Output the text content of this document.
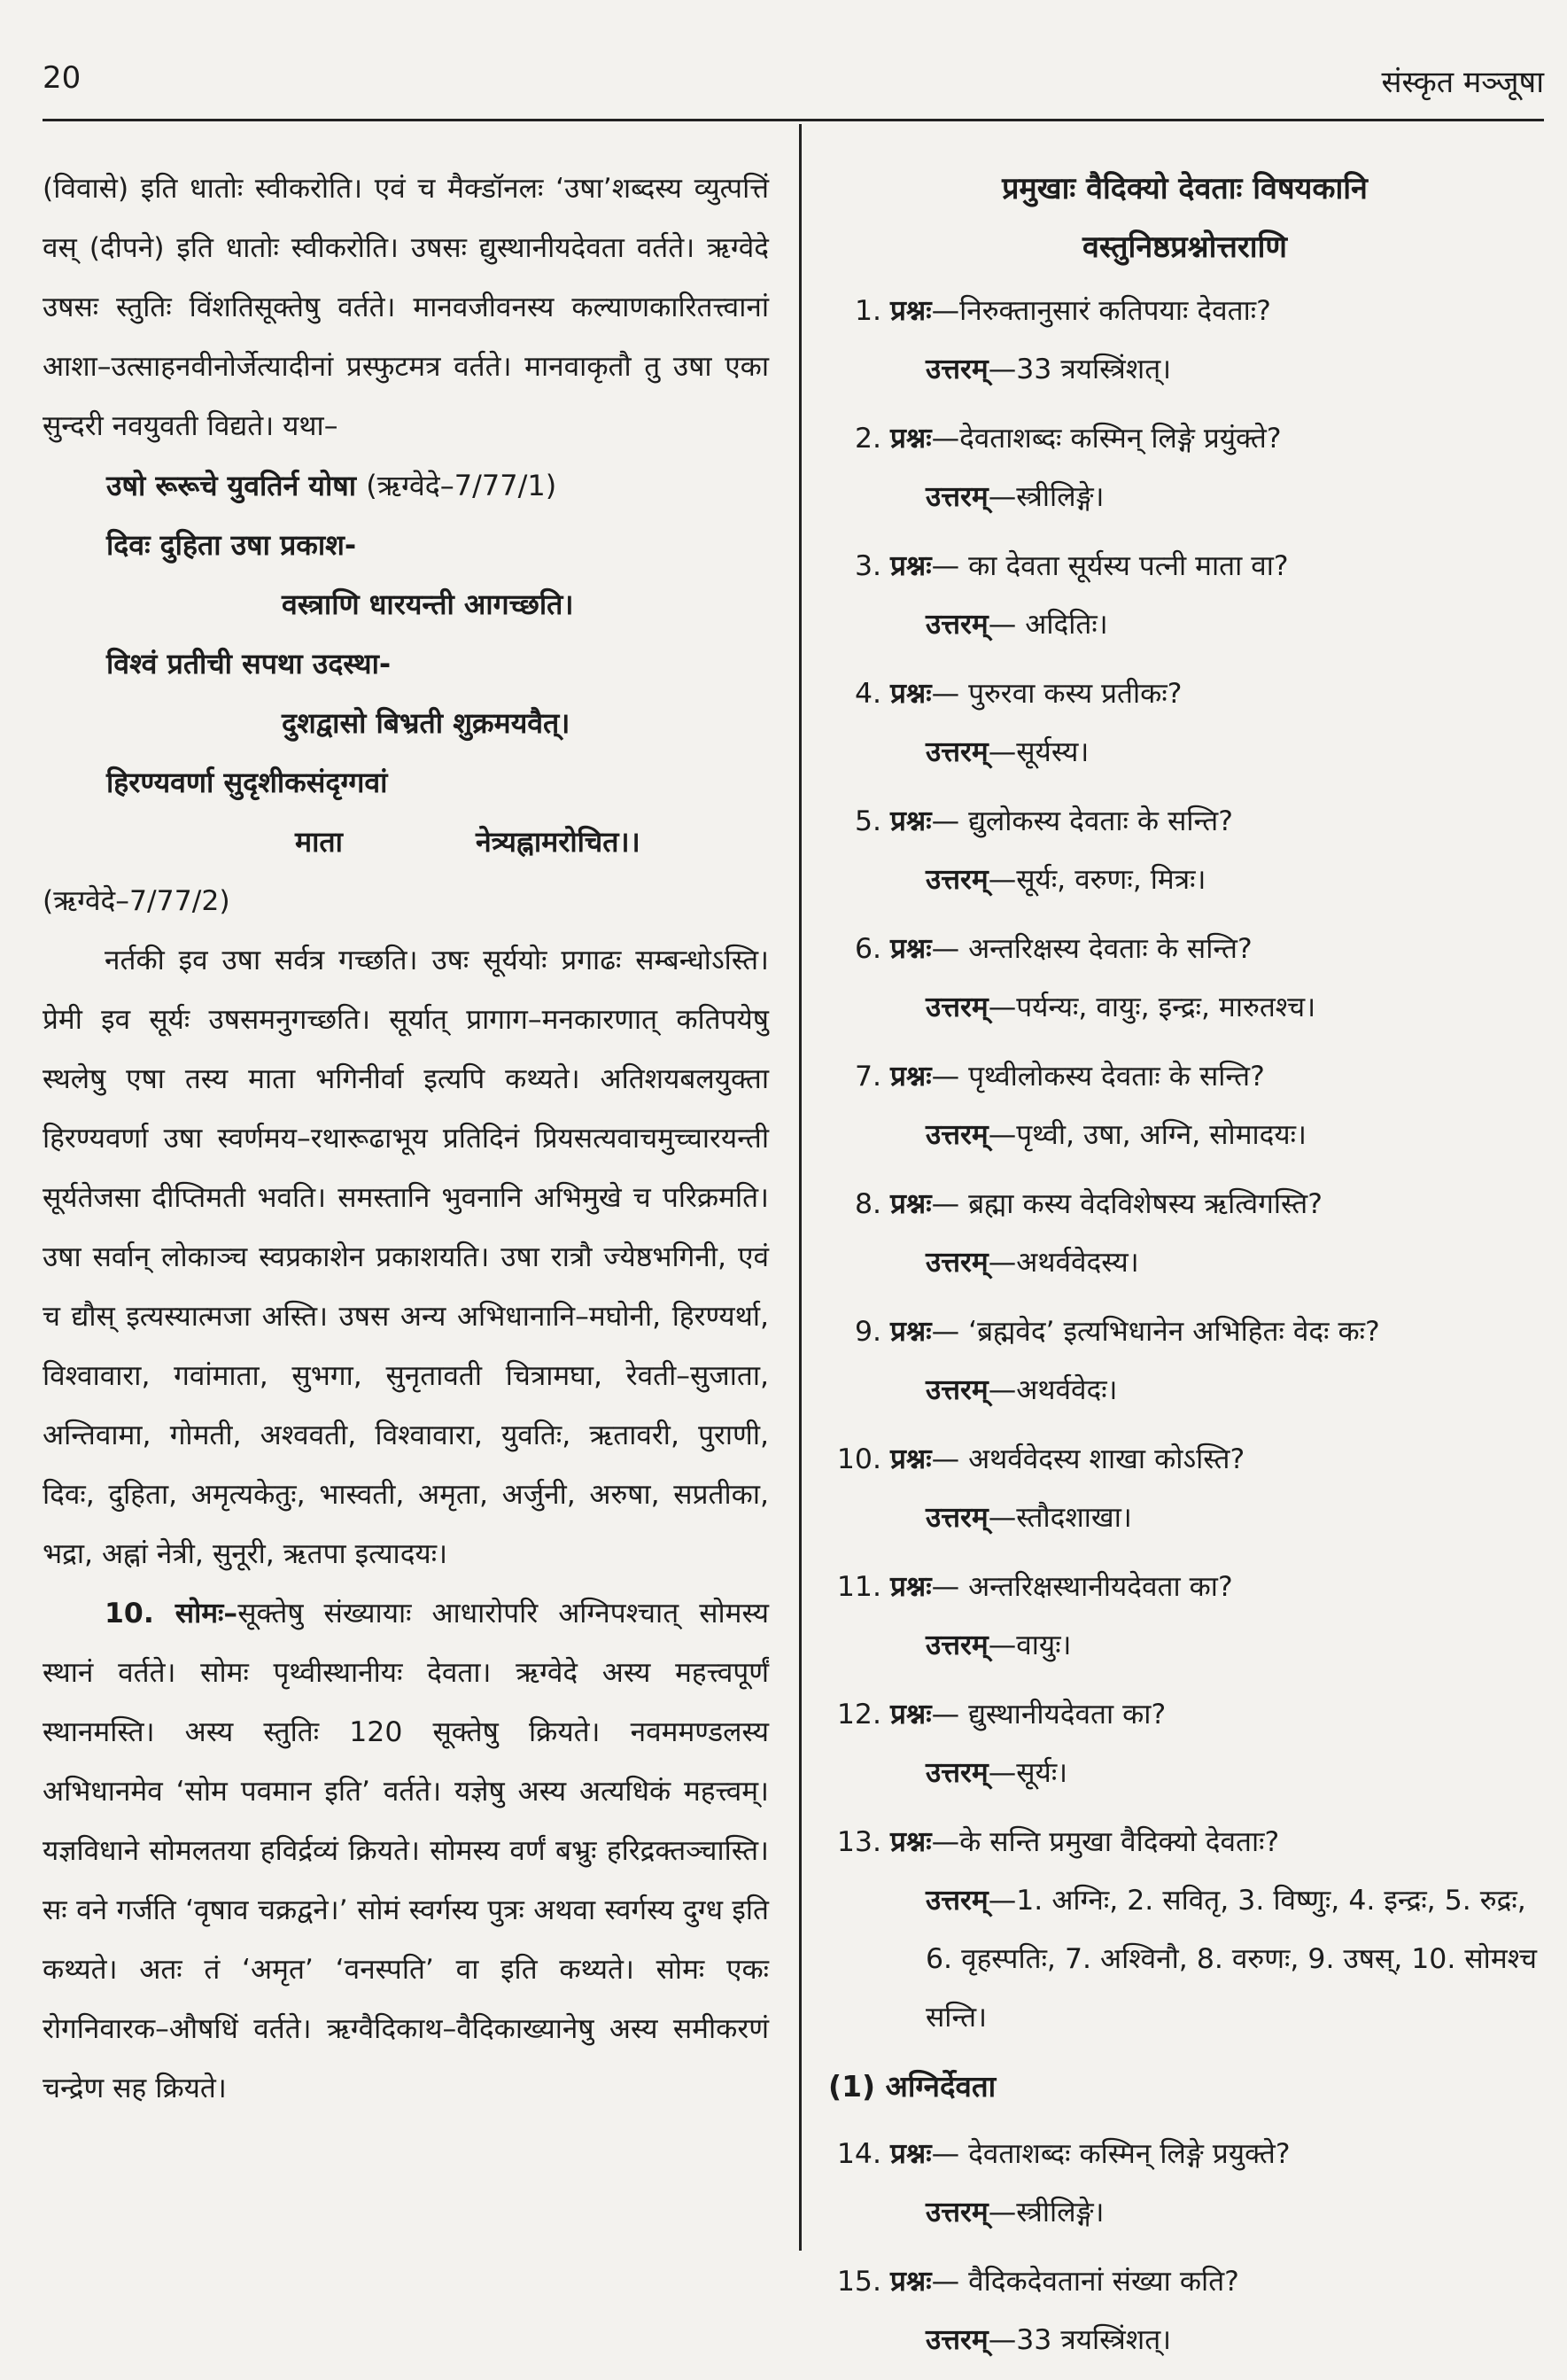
20	संस्कृत मञ्जूषा

(विवासे) इति धातोः स्वीकरोति। एवं च मैक्डॉनलः ‘उषा’शब्दस्य व्युत्पत्तिं वस् (दीपने) इति धातोः स्वीकरोति। उषसः द्युस्थानीयदेवता वर्तते। ऋग्वेदे उषसः स्तुतिः विंशतिसूक्तेषु वर्तते। मानवजीवनस्य कल्याणकारितत्त्वानां आशा–उत्साहनवीनोर्जेत्यादीनां प्रस्फुटमत्र वर्तते। मानवाकृतौ तु उषा एका सुन्दरी नवयुवती विद्यते। यथा–

उषो रूरूचे युवतिर्न योषा (ऋग्वेदे–7/77/1)

दिवः दुहिता उषा प्रकाश-

वस्त्राणि धारयन्ती आगच्छति।

विश्वं प्रतीची सपथा उदस्था-

दुशद्वासो बिभ्रती शुक्रमयवैत्।

हिरण्यवर्णा सुदृशीकसंदृग्गवां

माता	नेत्र्यह्नामरोचित।।

(ऋग्वेदे–7/77/2)

नर्तकी इव उषा सर्वत्र गच्छति। उषः सूर्ययोः प्रगाढः सम्बन्धोऽस्ति। प्रेमी इव सूर्यः उषसमनुगच्छति। सूर्यात् प्रागाग–मनकारणात् कतिपयेषु स्थलेषु एषा तस्य माता भगिनीर्वा इत्यपि कथ्यते। अतिशयबलयुक्ता हिरण्यवर्णा उषा स्वर्णमय–रथारूढाभूय प्रतिदिनं प्रियसत्यवाचमुच्चारयन्ती सूर्यतेजसा दीप्तिमती भवति। समस्तानि भुवनानि अभिमुखे च परिक्रमति। उषा सर्वान् लोकाञ्च स्वप्रकाशेन प्रकाशयति। उषा रात्रौ ज्येष्ठभगिनी, एवं च द्यौस् इत्यस्यात्मजा अस्ति। उषस अन्य अभिधानानि–मघोनी, हिरण्यर्था, विश्वावारा, गवांमाता, सुभगा, सुनृतावती चित्रामघा, रेवती–सुजाता, अन्तिवामा, गोमती, अश्ववती, विश्वावारा, युवतिः, ऋतावरी, पुराणी, दिवः, दुहिता, अमृत्यकेतुः, भास्वती, अमृता, अर्जुनी, अरुषा, सप्रतीका, भद्रा, अह्नां नेत्री, सुनूरी, ऋतपा इत्यादयः।

10. सोमः–सूक्तेषु संख्यायाः आधारोपरि अग्निपश्चात् सोमस्य स्थानं वर्तते। सोमः पृथ्वीस्थानीयः देवता। ऋग्वेदे अस्य महत्त्वपूर्णं स्थानमस्ति। अस्य स्तुतिः 120 सूक्तेषु क्रियते। नवममण्डलस्य अभिधानमेव ‘सोम पवमान इति’ वर्तते। यज्ञेषु अस्य अत्यधिकं महत्त्वम्। यज्ञविधाने सोमलतया हविर्द्रव्यं क्रियते। सोमस्य वर्णं बभ्रुः हरिद्रक्तञ्चास्ति। सः वने गर्जति ‘वृषाव चक्रद्वने।’ सोमं स्वर्गस्य पुत्रः अथवा स्वर्गस्य दुग्ध इति कथ्यते। अतः तं ‘अमृत’ ‘वनस्पति’ वा इति कथ्यते। सोमः एकः रोगनिवारक–औषधिं वर्तते। ऋग्वैदिकाथ–वैदिकाख्यानेषु अस्य समीकरणं चन्द्रेण सह क्रियते।

प्रमुखाः वैदिक्यो देवताः विषयकानि
वस्तुनिष्ठप्रश्नोत्तराणि

1. प्रश्नः—निरुक्तानुसारं कतिपयाः देवताः?

उत्तरम्—33 त्रयस्त्रिंशत्।

2. प्रश्नः—देवताशब्दः कस्मिन् लिङ्गे प्रयुंक्ते?

उत्तरम्—स्त्रीलिङ्गे।

3. प्रश्नः— का देवता सूर्यस्य पत्नी माता वा?

उत्तरम्— अदितिः।

4. प्रश्नः— पुरुरवा कस्य प्रतीकः?

उत्तरम्—सूर्यस्य।

5. प्रश्नः— द्युलोकस्य देवताः के सन्ति?

उत्तरम्—सूर्यः, वरुणः, मित्रः।

6. प्रश्नः— अन्तरिक्षस्य देवताः के सन्ति?

उत्तरम्—पर्यन्यः, वायुः, इन्द्रः, मारुतश्च।

7. प्रश्नः— पृथ्वीलोकस्य देवताः के सन्ति?

उत्तरम्—पृथ्वी, उषा, अग्नि, सोमादयः।

8. प्रश्नः— ब्रह्मा कस्य वेदविशेषस्य ऋत्विगस्ति?

उत्तरम्—अथर्ववेदस्य।

9. प्रश्नः— ‘ब्रह्मवेद’ इत्यभिधानेन अभिहितः वेदः कः?

उत्तरम्—अथर्ववेदः।

10. प्रश्नः— अथर्ववेदस्य शाखा कोऽस्ति?

उत्तरम्—स्तौदशाखा।

11. प्रश्नः— अन्तरिक्षस्थानीयदेवता का?

उत्तरम्—वायुः।

12. प्रश्नः— द्युस्थानीयदेवता का?

उत्तरम्—सूर्यः।

13. प्रश्नः—के सन्ति प्रमुखा वैदिक्यो देवताः?

उत्तरम्—1. अग्निः, 2. सवितृ, 3. विष्णुः, 4. इन्द्रः, 5. रुद्रः, 6. वृहस्पतिः, 7. अश्विनौ, 8. वरुणः, 9. उषस्, 10. सोमश्च सन्ति।

(1) अग्निर्देवता

14. प्रश्नः— देवताशब्दः कस्मिन् लिङ्गे प्रयुक्ते?

उत्तरम्—स्त्रीलिङ्गे।

15. प्रश्नः— वैदिकदेवतानां संख्या कति?

उत्तरम्—33 त्रयस्त्रिंशत्।
